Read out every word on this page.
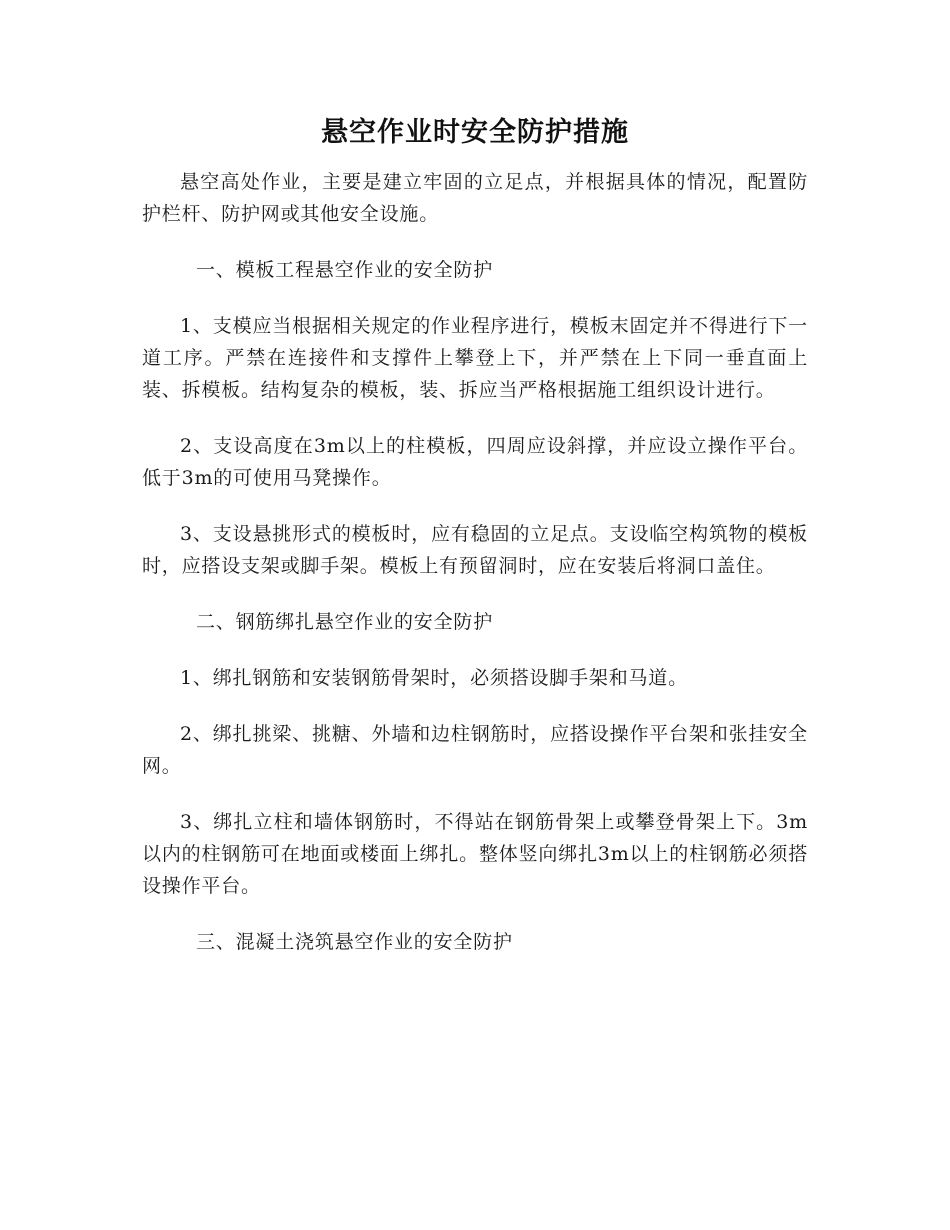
悬空作业时安全防护措施

悬空高处作业，主要是建立牢固的立足点，并根据具体的情况，配置防护栏杆、防护网或其他安全设施。

一、模板工程悬空作业的安全防护

1、支模应当根据相关规定的作业程序进行，模板末固定并不得进行下一道工序。严禁在连接件和支撑件上攀登上下，并严禁在上下同一垂直面上装、拆模板。结构复杂的模板，装、拆应当严格根据施工组织设计进行。

2、支设高度在3m以上的柱模板，四周应设斜撑，并应设立操作平台。低于3m的可使用马凳操作。

3、支设悬挑形式的模板时，应有稳固的立足点。支设临空构筑物的模板时，应搭设支架或脚手架。模板上有预留洞时，应在安装后将洞口盖住。

二、钢筋绑扎悬空作业的安全防护

1、绑扎钢筋和安装钢筋骨架时，必须搭设脚手架和马道。

2、绑扎挑梁、挑糖、外墙和边柱钢筋时，应搭设操作平台架和张挂安全网。

3、绑扎立柱和墙体钢筋时，不得站在钢筋骨架上或攀登骨架上下。3m以内的柱钢筋可在地面或楼面上绑扎。整体竖向绑扎3m以上的柱钢筋必须搭设操作平台。

三、混凝土浇筑悬空作业的安全防护
